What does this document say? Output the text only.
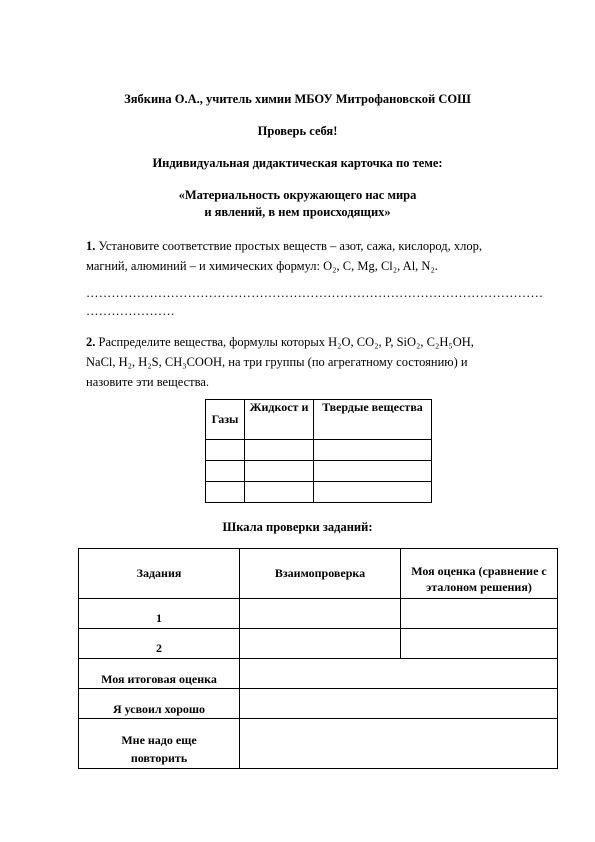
Зябкина О.А., учитель химии МБОУ Митрофановской СОШ
Проверь себя!
Индивидуальная дидактическая карточка по теме:
«Материальность окружающего нас мира
и явлений, в нем происходящих»
1. Установите соответствие простых веществ – азот, сажа, кислород, хлор,
магний, алюминий – и химических формул: O₂, C, Mg, Cl₂, Al, N₂.
………………………………………………………………………………………………
…………………
2. Распределите вещества, формулы которых H₂O, CO₂, P, SiO₂, C₂H₅OH,
NaCl, H₂, H₂S, CH₃COOH, на три группы (по агрегатному состоянию) и
назовите эти вещества.
Газы	Жидкост и	Твердые вещества

Шкала проверки заданий:
Задания	Взаимопроверка	Моя оценка (сравнение с эталоном решения)
1		
2		
Моя итоговая оценка		
Я усвоил хорошо		
Мне надо еще повторить		
